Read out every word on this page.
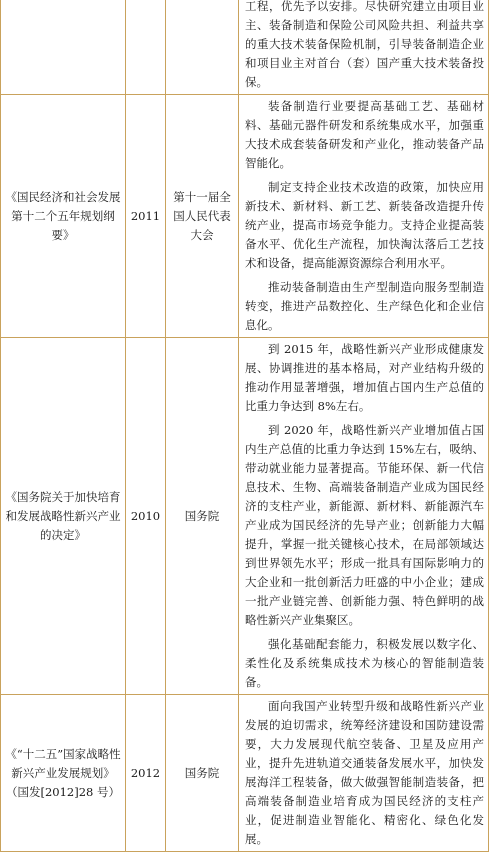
			工程，优先予以安排。尽快研究建立由项目业主、装备制造和保险公司风险共担、利益共享的重大技术装备保险机制，引导装备制造企业和项目业主对首台（套）国产重大技术装备投保。

《国民经济和社会发展第十二个五年规划纲要》	2011	第十一届全国人民代表大会	装备制造行业要提高基础工艺、基础材料、基础元器件研发和系统集成水平，加强重大技术成套装备研发和产业化，推动装备产品智能化。

制定支持企业技术改造的政策，加快应用新技术、新材料、新工艺、新装备改造提升传统产业，提高市场竞争能力。支持企业提高装备水平、优化生产流程，加快淘汰落后工艺技术和设备，提高能源资源综合利用水平。

推动装备制造由生产型制造向服务型制造转变，推进产品数控化、生产绿色化和企业信息化。

《国务院关于加快培育和发展战略性新兴产业的决定》	2010	国务院	到 2015 年，战略性新兴产业形成健康发展、协调推进的基本格局，对产业结构升级的推动作用显著增强，增加值占国内生产总值的比重力争达到 8%左右。

到 2020 年，战略性新兴产业增加值占国内生产总值的比重力争达到 15%左右，吸纳、带动就业能力显著提高。节能环保、新一代信息技术、生物、高端装备制造产业成为国民经济的支柱产业，新能源、新材料、新能源汽车产业成为国民经济的先导产业；创新能力大幅提升，掌握一批关键核心技术，在局部领域达到世界领先水平；形成一批具有国际影响力的大企业和一批创新活力旺盛的中小企业；建成一批产业链完善、创新能力强、特色鲜明的战略性新兴产业集聚区。

强化基础配套能力，积极发展以数字化、柔性化及系统集成技术为核心的智能制造装备。

《“十二五”国家战略性新兴产业发展规划》（国发[2012]28 号）	2012	国务院	面向我国产业转型升级和战略性新兴产业发展的迫切需求，统筹经济建设和国防建设需要，大力发展现代航空装备、卫星及应用产业，提升先进轨道交通装备发展水平，加快发展海洋工程装备，做大做强智能制造装备，把高端装备制造业培育成为国民经济的支柱产业，促进制造业智能化、精密化、绿色化发展。
